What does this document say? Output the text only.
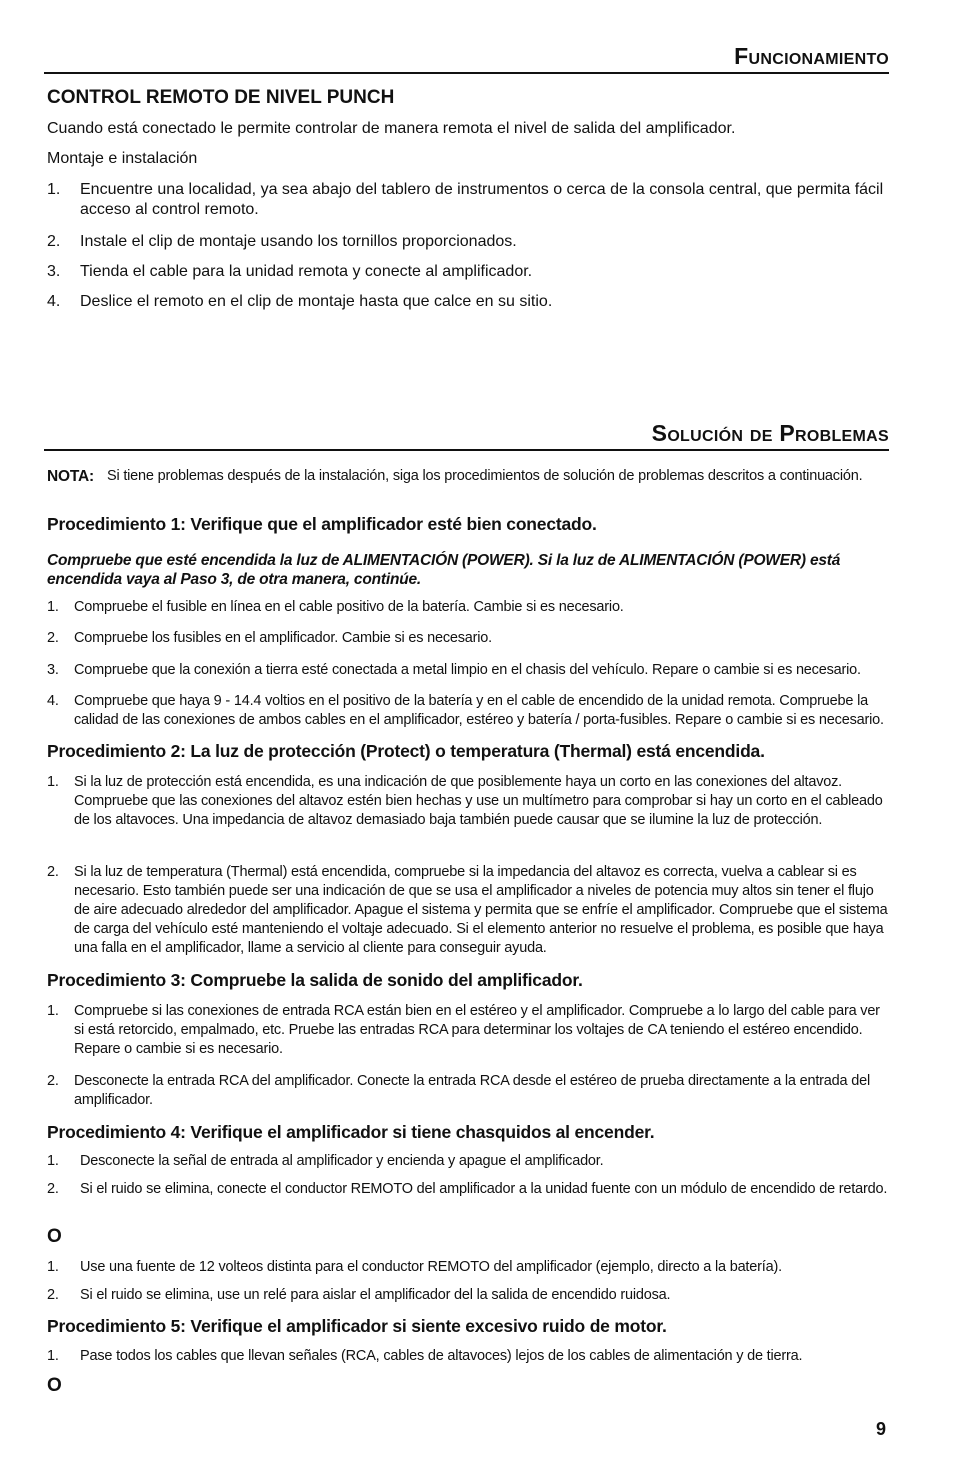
Funcionamiento
CONTROL REMOTO DE NIVEL PUNCH
Cuando está conectado le permite controlar de manera remota el nivel de salida del amplificador.
Montaje e instalación
1.	Encuentre una localidad, ya sea abajo del tablero de instrumentos o cerca de la consola central, que permita fácil acceso al control remoto.
2.	Instale el clip de montaje usando los tornillos proporcionados.
3.	Tienda el cable para la unidad remota y conecte al amplificador.
4.	Deslice el remoto en el clip de montaje hasta que calce en su sitio.
Solución de Problemas
NOTA: Si tiene problemas después de la instalación, siga los procedimientos de solución de problemas descritos a continuación.
Procedimiento 1: Verifique que el amplificador esté bien conectado.
Compruebe que esté encendida la luz de ALIMENTACIÓN (POWER). Si la luz de ALIMENTACIÓN (POWER) está encendida vaya al Paso 3, de otra manera, continúe.
1.	Compruebe el fusible en línea en el cable positivo de la batería. Cambie si es necesario.
2.	Compruebe los fusibles en el amplificador. Cambie si es necesario.
3.	Compruebe que la conexión a tierra esté conectada a metal limpio en el chasis del vehículo. Repare o cambie si es necesario.
4.	Compruebe que haya 9 - 14.4 voltios en el positivo de la batería y en el cable de encendido de la unidad remota. Compruebe la calidad de las conexiones de ambos cables en el amplificador, estéreo y batería / porta-fusibles. Repare o cambie si es necesario.
Procedimiento 2: La luz de protección (Protect) o temperatura (Thermal) está encendida.
1.	Si la luz de protección está encendida, es una indicación de que posiblemente haya un corto en las conexiones del altavoz. Compruebe que las conexiones del altavoz estén bien hechas y use un multímetro para comprobar si hay un corto en el cableado de los altavoces. Una impedancia de altavoz demasiado baja también puede causar que se ilumine la luz de protección.
2.	Si la luz de temperatura (Thermal) está encendida, compruebe si la impedancia del altavoz es correcta, vuelva a cablear si es necesario. Esto también puede ser una indicación de que se usa el amplificador a niveles de potencia muy altos sin tener el flujo de aire adecuado alrededor del amplificador. Apague el sistema y permita que se enfríe el amplificador. Compruebe que el sistema de carga del vehículo esté manteniendo el voltaje adecuado. Si el elemento anterior no resuelve el problema, es posible que haya una falla en el amplificador, llame a servicio al cliente para conseguir ayuda.
Procedimiento 3: Compruebe la salida de sonido del amplificador.
1.	Compruebe si las conexiones de entrada RCA están bien en el estéreo y el amplificador. Compruebe a lo largo del cable para ver si está retorcido, empalmado, etc. Pruebe las entradas RCA para determinar los voltajes de CA teniendo el estéreo encendido. Repare o cambie si es necesario.
2.	Desconecte la entrada RCA del amplificador. Conecte la entrada RCA desde el estéreo de prueba directamente a la entrada del amplificador.
Procedimiento 4: Verifique el amplificador si tiene chasquidos al encender.
1.	Desconecte la señal de entrada al amplificador y encienda y apague el amplificador.
2.	Si el ruido se elimina, conecte el conductor REMOTO del amplificador a la unidad fuente con un módulo de encendido de retardo.
O
1.	Use una fuente de 12 volteos distinta para el conductor REMOTO del amplificador (ejemplo, directo a la batería).
2.	Si el ruido se elimina, use un relé para aislar el amplificador del la salida de encendido ruidosa.
Procedimiento 5: Verifique el amplificador si siente excesivo ruido de motor.
1.	Pase todos los cables que llevan señales (RCA, cables de altavoces) lejos de los cables de alimentación y de tierra.
O
9
